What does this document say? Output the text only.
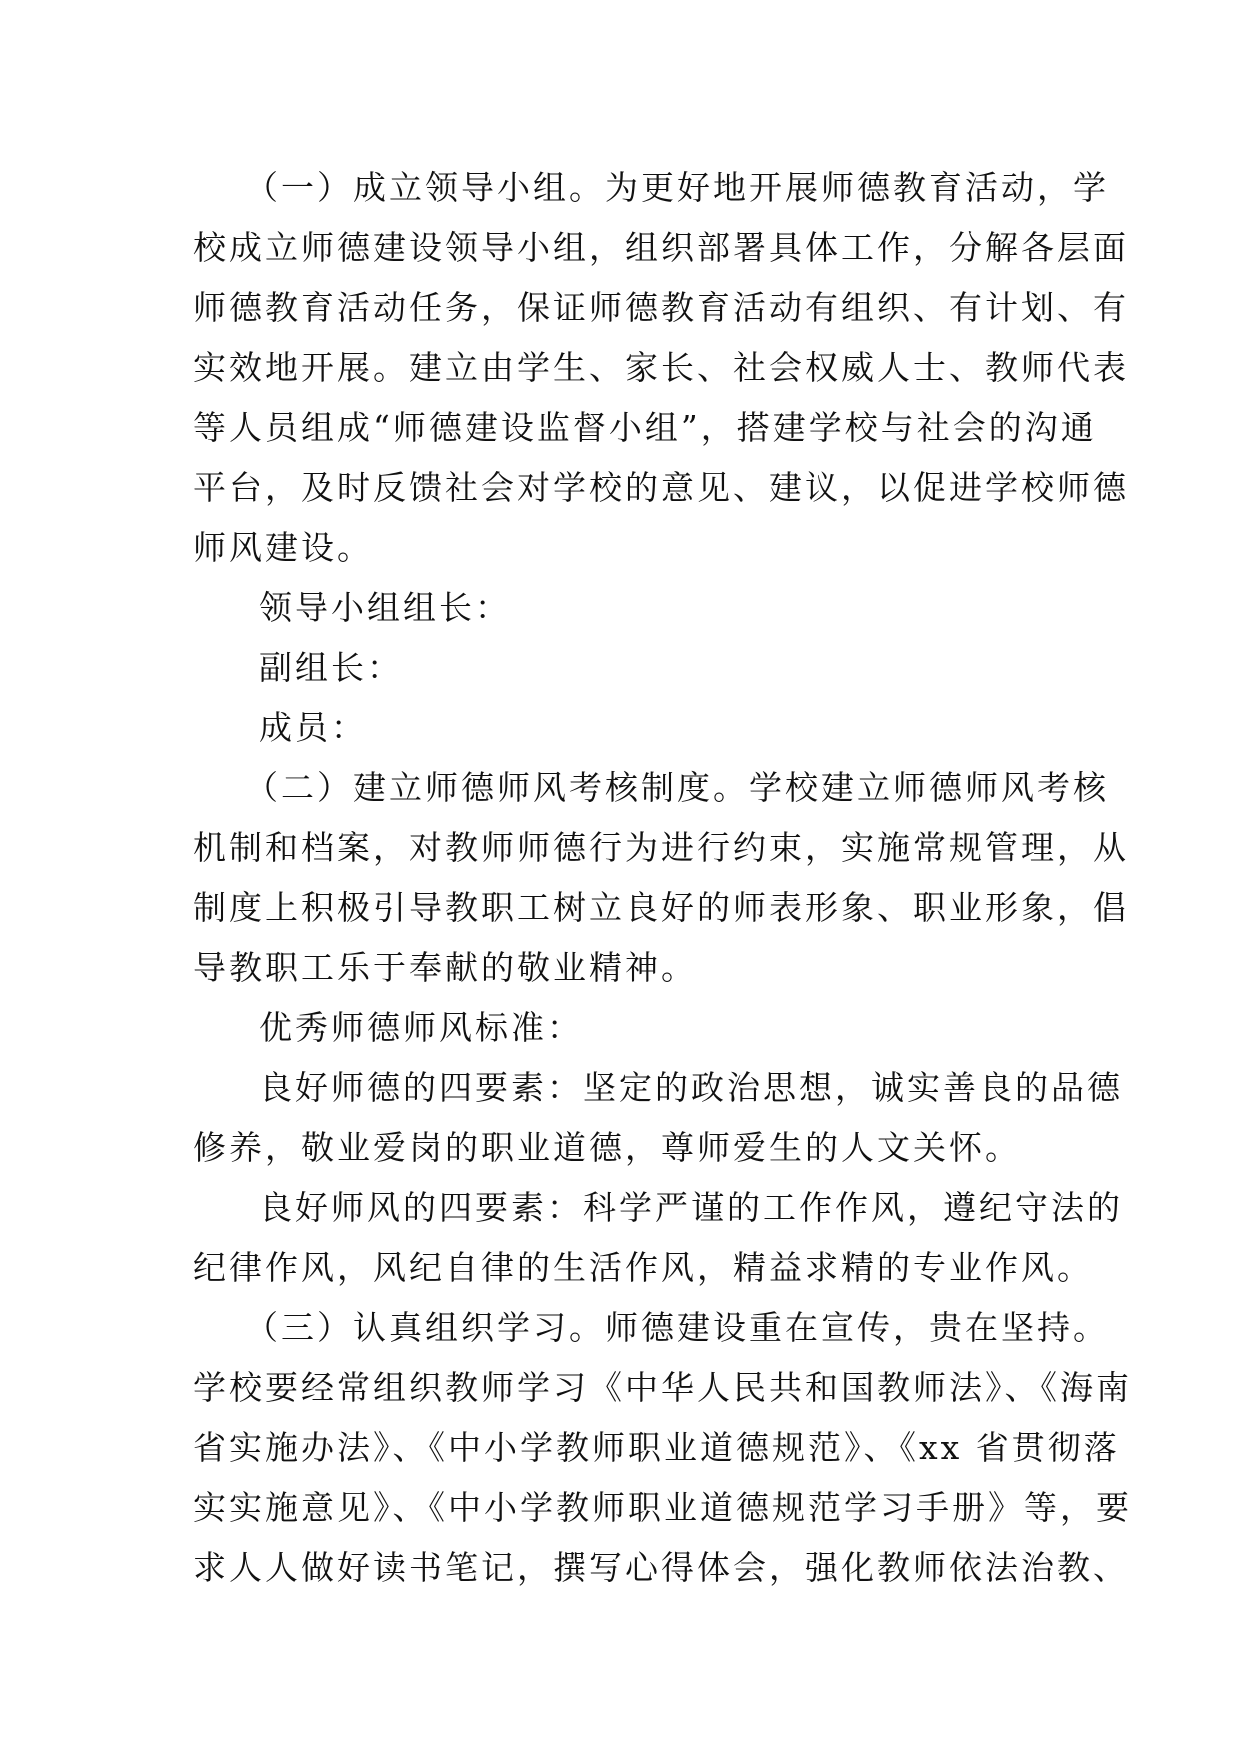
（一）成立领导小组。为更好地开展师德教育活动，学

校成立师德建设领导小组，组织部署具体工作，分解各层面

师德教育活动任务，保证师德教育活动有组织、有计划、有

实效地开展。建立由学生、家长、社会权威人士、教师代表

等人员组成“师德建设监督小组”，搭建学校与社会的沟通

平台，及时反馈社会对学校的意见、建议，以促进学校师德

师风建设。

领导小组组长：

副组长：

成员：

（二）建立师德师风考核制度。学校建立师德师风考核

机制和档案，对教师师德行为进行约束，实施常规管理，从

制度上积极引导教职工树立良好的师表形象、职业形象，倡

导教职工乐于奉献的敬业精神。

优秀师德师风标准：

良好师德的四要素：坚定的政治思想，诚实善良的品德

修养，敬业爱岗的职业道德，尊师爱生的人文关怀。

良好师风的四要素：科学严谨的工作作风，遵纪守法的

纪律作风，风纪自律的生活作风，精益求精的专业作风。

（三）认真组织学习。师德建设重在宣传，贵在坚持。

学校要经常组织教师学习《中华人民共和国教师法》、《海南

省实施办法》、《中小学教师职业道德规范》、《xx 省贯彻落

实实施意见》、《中小学教师职业道德规范学习手册》等，要

求人人做好读书笔记，撰写心得体会，强化教师依法治教、
